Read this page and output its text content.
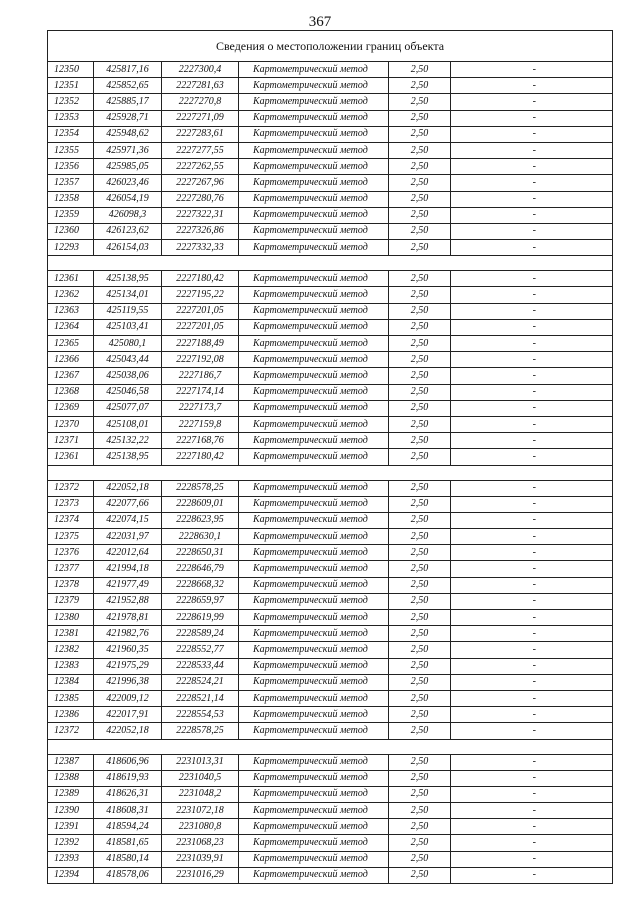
367
Сведения о местоположении границ объекта					
12350	425817,16	2227300,4	Картометрический метод	2,50	-
12351	425852,65	2227281,63	Картометрический метод	2,50	-
12352	425885,17	2227270,8	Картометрический метод	2,50	-
12353	425928,71	2227271,09	Картометрический метод	2,50	-
12354	425948,62	2227283,61	Картометрический метод	2,50	-
12355	425971,36	2227277,55	Картометрический метод	2,50	-
12356	425985,05	2227262,55	Картометрический метод	2,50	-
12357	426023,46	2227267,96	Картометрический метод	2,50	-
12358	426054,19	2227280,76	Картометрический метод	2,50	-
12359	426098,3	2227322,31	Картометрический метод	2,50	-
12360	426123,62	2227326,86	Картометрический метод	2,50	-
12293	426154,03	2227332,33	Картометрический метод	2,50	-

12361	425138,95	2227180,42	Картометрический метод	2,50	-
12362	425134,01	2227195,22	Картометрический метод	2,50	-
12363	425119,55	2227201,05	Картометрический метод	2,50	-
12364	425103,41	2227201,05	Картометрический метод	2,50	-
12365	425080,1	2227188,49	Картометрический метод	2,50	-
12366	425043,44	2227192,08	Картометрический метод	2,50	-
12367	425038,06	2227186,7	Картометрический метод	2,50	-
12368	425046,58	2227174,14	Картометрический метод	2,50	-
12369	425077,07	2227173,7	Картометрический метод	2,50	-
12370	425108,01	2227159,8	Картометрический метод	2,50	-
12371	425132,22	2227168,76	Картометрический метод	2,50	-
12361	425138,95	2227180,42	Картометрический метод	2,50	-

12372	422052,18	2228578,25	Картометрический метод	2,50	-
12373	422077,66	2228609,01	Картометрический метод	2,50	-
12374	422074,15	2228623,95	Картометрический метод	2,50	-
12375	422031,97	2228630,1	Картометрический метод	2,50	-
12376	422012,64	2228650,31	Картометрический метод	2,50	-
12377	421994,18	2228646,79	Картометрический метод	2,50	-
12378	421977,49	2228668,32	Картометрический метод	2,50	-
12379	421952,88	2228659,97	Картометрический метод	2,50	-
12380	421978,81	2228619,99	Картометрический метод	2,50	-
12381	421982,76	2228589,24	Картометрический метод	2,50	-
12382	421960,35	2228552,77	Картометрический метод	2,50	-
12383	421975,29	2228533,44	Картометрический метод	2,50	-
12384	421996,38	2228524,21	Картометрический метод	2,50	-
12385	422009,12	2228521,14	Картометрический метод	2,50	-
12386	422017,91	2228554,53	Картометрический метод	2,50	-
12372	422052,18	2228578,25	Картометрический метод	2,50	-

12387	418606,96	2231013,31	Картометрический метод	2,50	-
12388	418619,93	2231040,5	Картометрический метод	2,50	-
12389	418626,31	2231048,2	Картометрический метод	2,50	-
12390	418608,31	2231072,18	Картометрический метод	2,50	-
12391	418594,24	2231080,8	Картометрический метод	2,50	-
12392	418581,65	2231068,23	Картометрический метод	2,50	-
12393	418580,14	2231039,91	Картометрический метод	2,50	-
12394	418578,06	2231016,29	Картометрический метод	2,50	-
